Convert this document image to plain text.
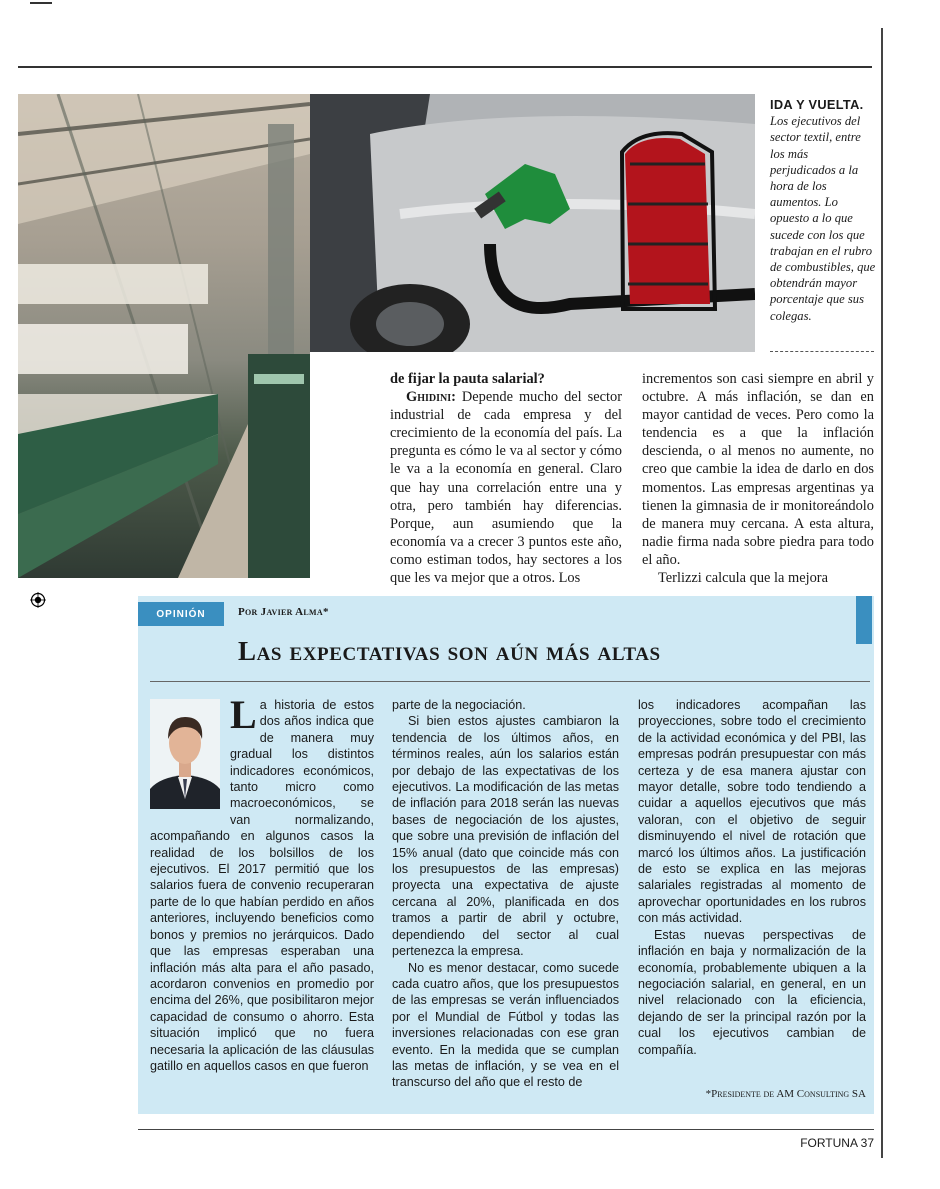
IDA Y VUELTA. Los ejecutivos del sector textil, entre los más perjudicados a la hora de los aumentos. Lo opuesto a lo que sucede con los que trabajan en el rubro de combustibles, que obtendrán mayor porcentaje que sus colegas.

de fijar la pauta salarial?

Ghidini: Depende mucho del sector industrial de cada empresa y del crecimiento de la economía del país. La pregunta es cómo le va al sector y cómo le va a la economía en general. Claro que hay una correlación entre una y otra, pero también hay diferencias. Porque, aun asumiendo que la economía va a crecer 3 puntos este año, como estiman todos, hay sectores a los que les va mejor que a otros. Los

incrementos son casi siempre en abril y octubre. A más inflación, se dan en mayor cantidad de veces. Pero como la tendencia es a que la inflación descienda, o al menos no aumente, no creo que cambie la idea de darlo en dos momentos. Las empresas argentinas ya tienen la gimnasia de ir monitoreándolo de manera muy cercana. A esta altura, nadie firma nada sobre piedra para todo el año.

Terlizzi calcula que la mejora

OPINIÓN	Por Javier Alma*
Las expectativas son aún más altas
La historia de estos dos años indica que de manera muy gradual los distintos indicadores económicos, tanto micro como macroeconómicos, se van normalizando, acompañando en algunos casos la realidad de los bolsillos de los ejecutivos. El 2017 permitió que los salarios fuera de convenio recuperaran parte de lo que habían perdido en años anteriores, incluyendo beneficios como bonos y premios no jerárquicos. Dado que las empresas esperaban una inflación más alta para el año pasado, acordaron convenios en promedio por encima del 26%, que posibilitaron mejor capacidad de consumo o ahorro. Esta situación implicó que no fuera necesaria la aplicación de las cláusulas gatillo en aquellos casos en que fueron

parte de la negociación.

Si bien estos ajustes cambiaron la tendencia de los últimos años, en términos reales, aún los salarios están por debajo de las expectativas de los ejecutivos. La modificación de las metas de inflación para 2018 serán las nuevas bases de negociación de los ajustes, que sobre una previsión de inflación del 15% anual (dato que coincide más con los presupuestos de las empresas) proyecta una expectativa de ajuste cercana al 20%, planificada en dos tramos a partir de abril y octubre, dependiendo del sector al cual pertenezca la empresa.

No es menor destacar, como sucede cada cuatro años, que los presupuestos de las empresas se verán influenciados por el Mundial de Fútbol y todas las inversiones relacionadas con ese gran evento. En la medida que se cumplan las metas de inflación, y se vea en el transcurso del año que el resto de

los indicadores acompañan las proyecciones, sobre todo el crecimiento de la actividad económica y del PBI, las empresas podrán presupuestar con más certeza y de esa manera ajustar con mayor detalle, sobre todo tendiendo a cuidar a aquellos ejecutivos que más valoran, con el objetivo de seguir disminuyendo el nivel de rotación que marcó los últimos años. La justificación de esto se explica en las mejoras salariales registradas al momento de aprovechar oportunidades en los rubros con más actividad.

Estas nuevas perspectivas de inflación en baja y normalización de la economía, probablemente ubiquen a la negociación salarial, en general, en un nivel relacionado con la eficiencia, dejando de ser la principal razón por la cual los ejecutivos cambian de compañía.

*Presidente de AM Consulting SA
FORTUNA 37
